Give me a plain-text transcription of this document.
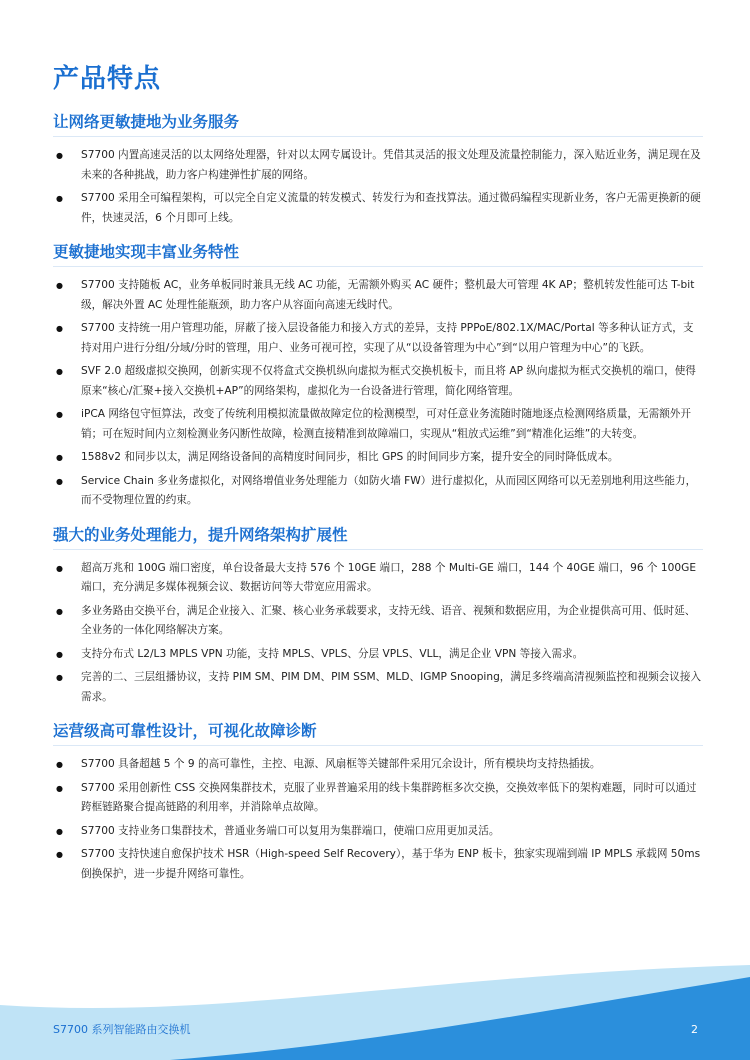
产品特点
让网络更敏捷地为业务服务
● S7700 内置高速灵活的以太网络处理器，针对以太网专属设计。凭借其灵活的报文处理及流量控制能力，深入贴近业务，满足现在及未来的各种挑战，助力客户构建弹性扩展的网络。
● S7700 采用全可编程架构，可以完全自定义流量的转发模式、转发行为和查找算法。通过微码编程实现新业务，客户无需更换新的硬件，快速灵活，6 个月即可上线。
更敏捷地实现丰富业务特性
● S7700 支持随板 AC，业务单板同时兼具无线 AC 功能，无需额外购买 AC 硬件；整机最大可管理 4K AP；整机转发性能可达 T-bit 级，解决外置 AC 处理性能瓶颈，助力客户从容面向高速无线时代。
● S7700 支持统一用户管理功能，屏蔽了接入层设备能力和接入方式的差异，支持 PPPoE/802.1X/MAC/Portal 等多种认证方式，支持对用户进行分组/分域/分时的管理，用户、业务可视可控，实现了从“以设备管理为中心”到“以用户管理为中心”的飞跃。
● SVF 2.0 超级虚拟交换网，创新实现不仅将盒式交换机纵向虚拟为框式交换机板卡，而且将 AP 纵向虚拟为框式交换机的端口，使得原来“核心/汇聚+接入交换机+AP”的网络架构，虚拟化为一台设备进行管理，简化网络管理。
● iPCA 网络包守恒算法，改变了传统利用模拟流量做故障定位的检测模型，可对任意业务流随时随地逐点检测网络质量，无需额外开销；可在短时间内立刻检测业务闪断性故障，检测直接精准到故障端口，实现从“粗放式运维”到“精准化运维”的大转变。
● 1588v2 和同步以太，满足网络设备间的高精度时间同步，相比 GPS 的时间同步方案，提升安全的同时降低成本。
● Service Chain 多业务虚拟化，对网络增值业务处理能力（如防火墙 FW）进行虚拟化，从而园区网络可以无差别地利用这些能力，而不受物理位置的约束。
强大的业务处理能力，提升网络架构扩展性
● 超高万兆和 100G 端口密度，单台设备最大支持 576 个 10GE 端口，288 个 Multi-GE 端口，144 个 40GE 端口，96 个 100GE 端口，充分满足多媒体视频会议、数据访问等大带宽应用需求。
● 多业务路由交换平台，满足企业接入、汇聚、核心业务承载要求，支持无线、语音、视频和数据应用，为企业提供高可用、低时延、全业务的一体化网络解决方案。
● 支持分布式 L2/L3 MPLS VPN 功能，支持 MPLS、VPLS、分层 VPLS、VLL，满足企业 VPN 等接入需求。
● 完善的二、三层组播协议，支持 PIM SM、PIM DM、PIM SSM、MLD、IGMP Snooping，满足多终端高清视频监控和视频会议接入需求。
运营级高可靠性设计，可视化故障诊断
● S7700 具备超越 5 个 9 的高可靠性，主控、电源、风扇框等关键部件采用冗余设计，所有模块均支持热插拔。
● S7700 采用创新性 CSS 交换网集群技术，克服了业界普遍采用的线卡集群跨框多次交换，交换效率低下的架构难题，同时可以通过跨框链路聚合提高链路的利用率，并消除单点故障。
● S7700 支持业务口集群技术，普通业务端口可以复用为集群端口，使端口应用更加灵活。
● S7700 支持快速自愈保护技术 HSR（High-speed Self Recovery），基于华为 ENP 板卡，独家实现端到端 IP MPLS 承载网 50ms 倒换保护，进一步提升网络可靠性。
S7700 系列智能路由交换机	2
